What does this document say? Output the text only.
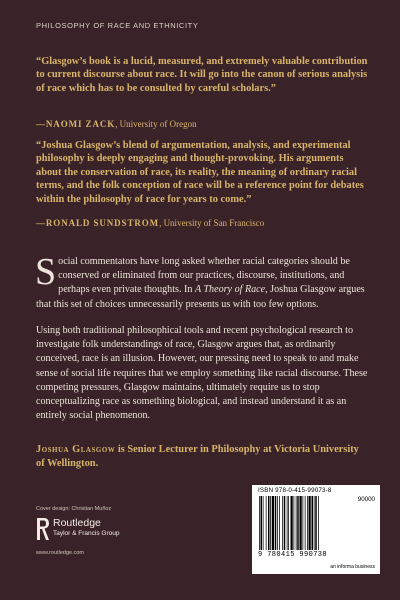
PHILOSOPHY OF RACE AND ETHNICITY
“Glasgow’s book is a lucid, measured, and extremely valuable contribution to current discourse about race. It will go into the canon of serious analysis of race which has to be consulted by careful scholars.”
—NAOMI ZACK, University of Oregon
“Joshua Glasgow’s blend of argumentation, analysis, and experimental philosophy is deeply engaging and thought-provoking. His arguments about the conservation of race, its reality, the meaning of ordinary racial terms, and the folk conception of race will be a reference point for debates within the philosophy of race for years to come.”
—RONALD SUNDSTROM, University of San Francisco
Social commentators have long asked whether racial categories should be conserved or eliminated from our practices, discourse, institutions, and perhaps even private thoughts. In A Theory of Race, Joshua Glasgow argues that this set of choices unnecessarily presents us with too few options.
Using both traditional philosophical tools and recent psychological research to investigate folk understandings of race, Glasgow argues that, as ordinarily conceived, race is an illusion. However, our pressing need to speak to and make sense of social life requires that we employ something like racial discourse. These competing pressures, Glasgow maintains, ultimately require us to stop conceptualizing race as something biological, and instead understand it as an entirely social phenomenon.
Joshua Glasgow is Senior Lecturer in Philosophy at Victoria University of Wellington.
Cover design: Christian Muñoz
Routledge
Taylor & Francis Group
www.routledge.com
ISBN 978-0-415-99073-8
90000
9 780415 990738
an informa business
